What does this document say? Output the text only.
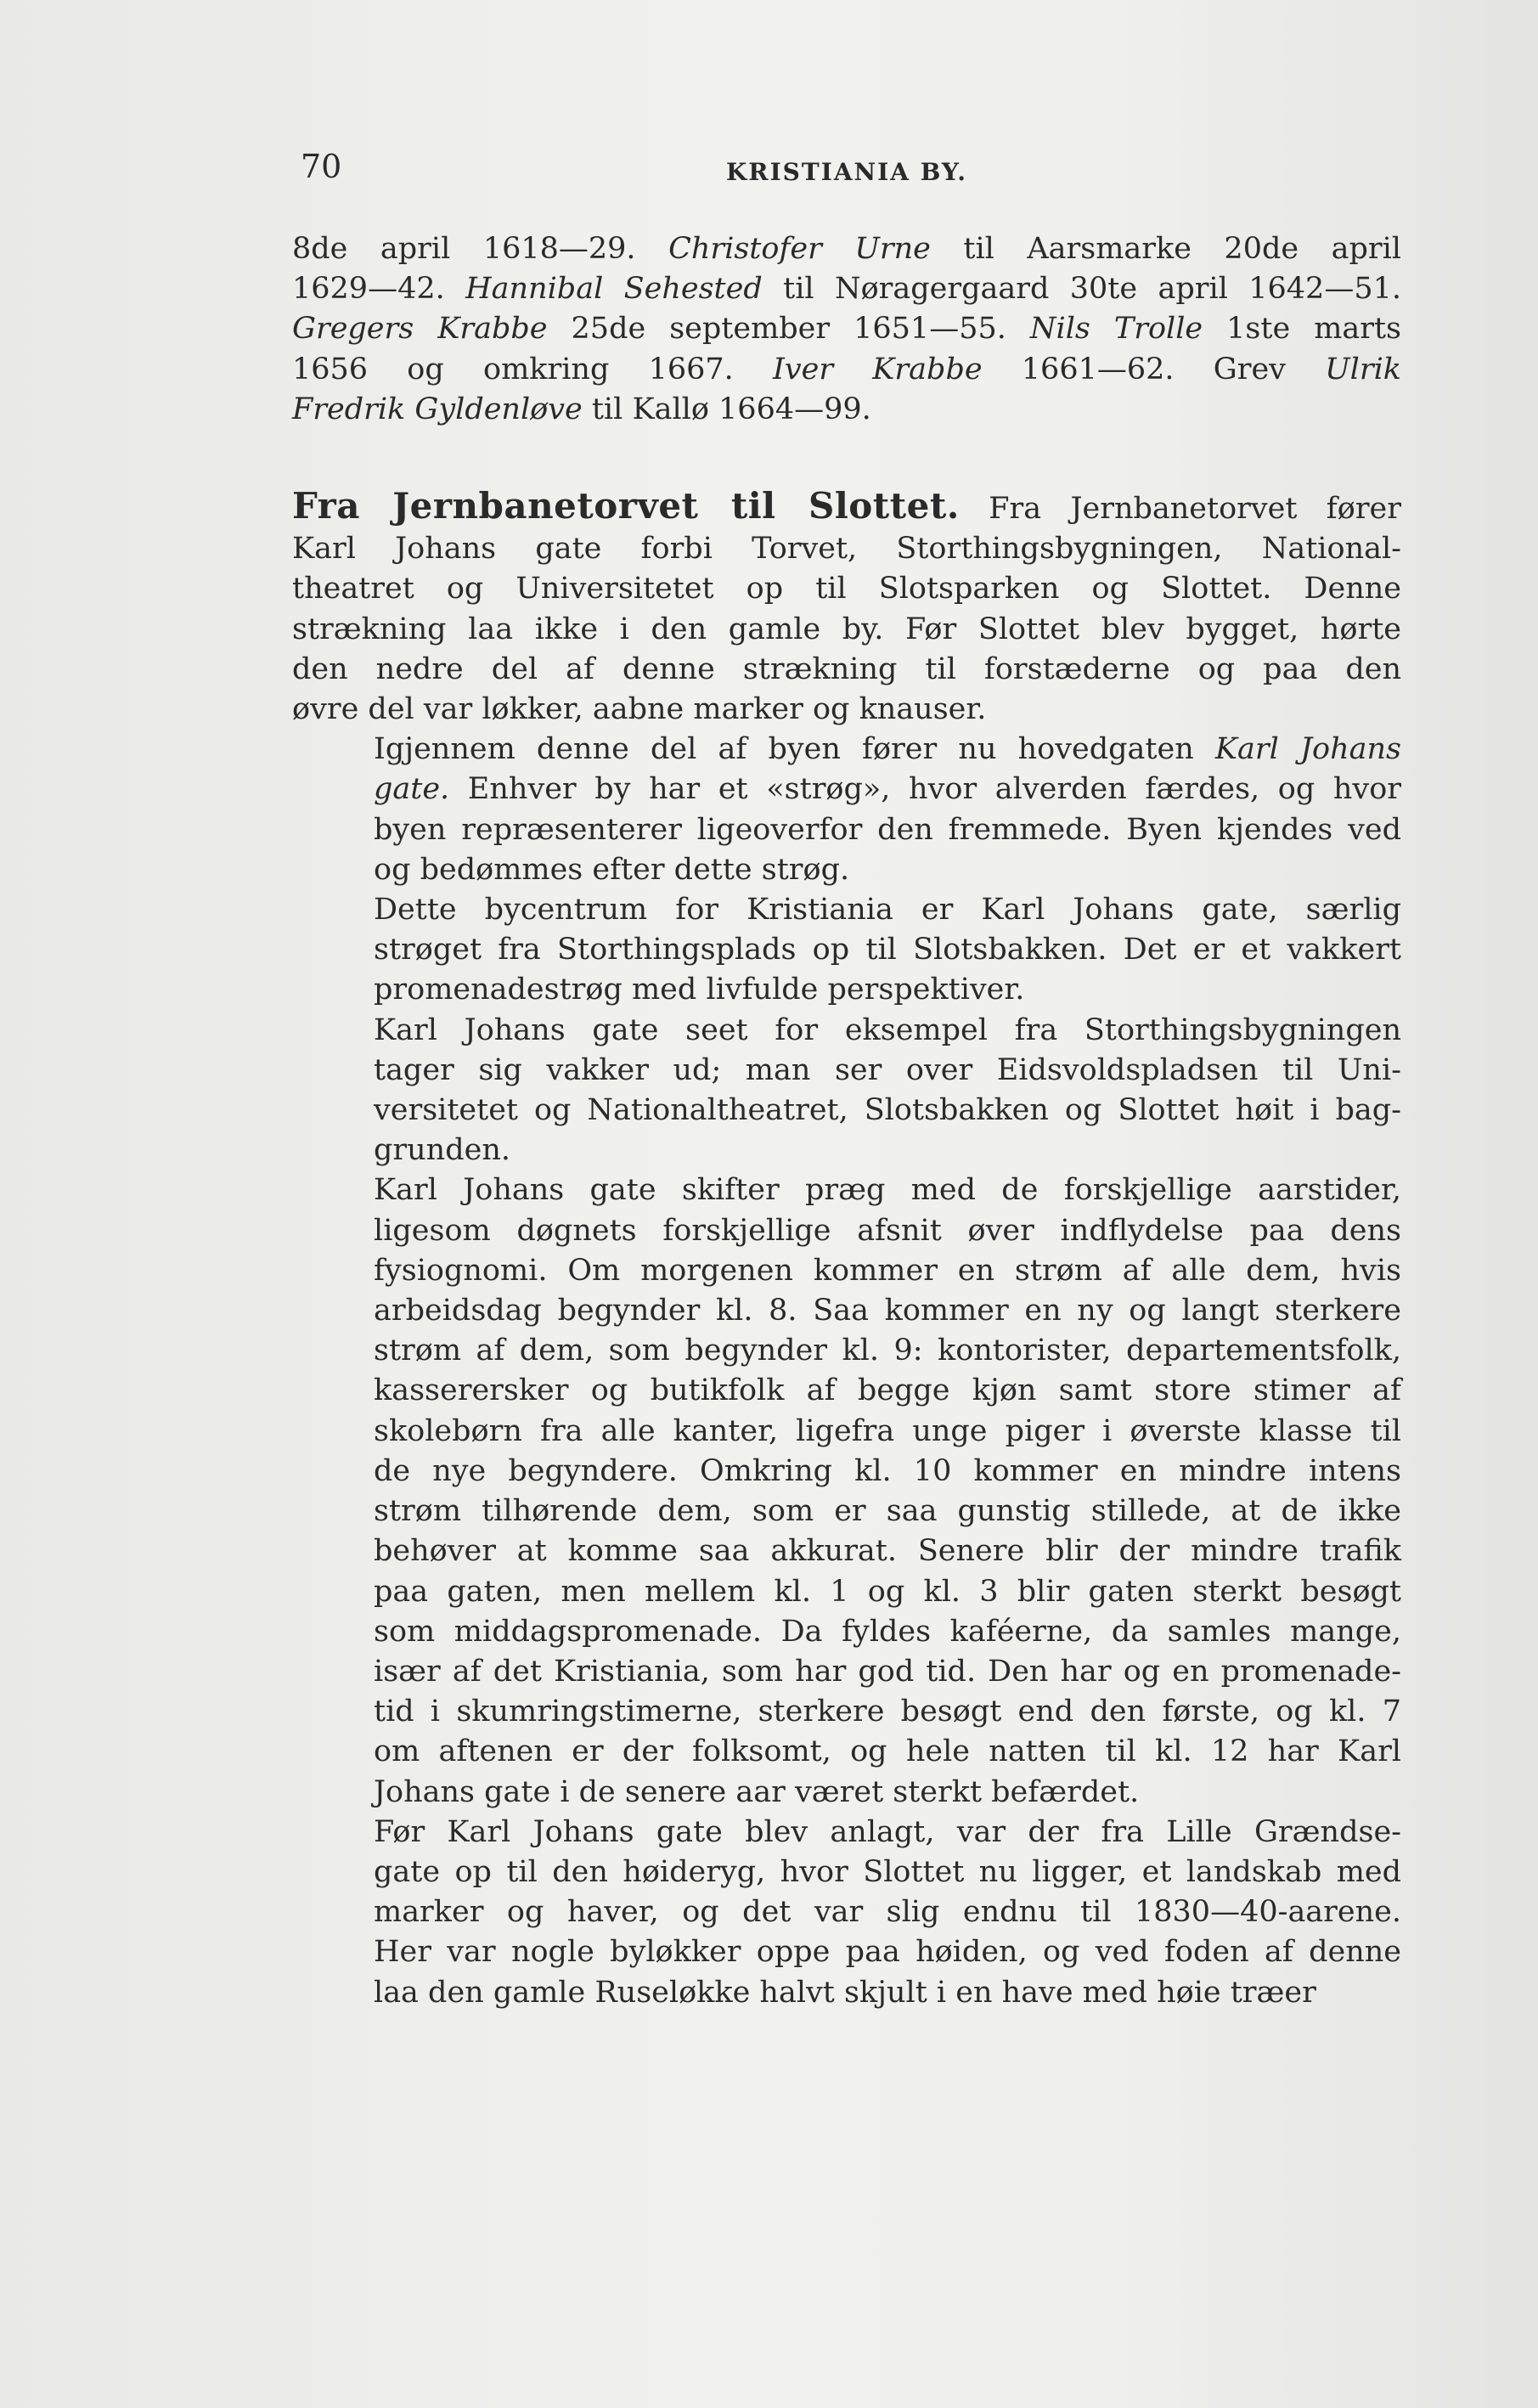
70	KRISTIANIA BY.
8de april 1618—29. Christofer Urne til Aarsmarke 20de april
1629—42. Hannibal Sehested til Nøragergaard 30te april 1642—51.
Gregers Krabbe 25de september 1651—55. Nils Trolle 1ste marts
1656 og omkring 1667. Iver Krabbe 1661—62. Grev Ulrik
Fredrik Gyldenløve til Kallø 1664—99.
Fra Jernbanetorvet til Slottet. Fra Jernbanetorvet fører
Karl Johans gate forbi Torvet, Storthingsbygningen, National-
theatret og Universitetet op til Slotsparken og Slottet. Denne
strækning laa ikke i den gamle by. Før Slottet blev bygget, hørte
den nedre del af denne strækning til forstæderne og paa den
øvre del var løkker, aabne marker og knauser.
Igjennem denne del af byen fører nu hovedgaten Karl Johans
gate. Enhver by har et «strøg», hvor alverden færdes, og hvor
byen repræsenterer ligeoverfor den fremmede. Byen kjendes ved
og bedømmes efter dette strøg.
Dette bycentrum for Kristiania er Karl Johans gate, særlig
strøget fra Storthingsplads op til Slotsbakken. Det er et vakkert
promenadestrøg med livfulde perspektiver.
Karl Johans gate seet for eksempel fra Storthingsbygningen
tager sig vakker ud; man ser over Eidsvoldspladsen til Uni-
versitetet og Nationaltheatret, Slotsbakken og Slottet høit i bag-
grunden.
Karl Johans gate skifter præg med de forskjellige aarstider,
ligesom døgnets forskjellige afsnit øver indflydelse paa dens
fysiognomi. Om morgenen kommer en strøm af alle dem, hvis
arbeidsdag begynder kl. 8. Saa kommer en ny og langt sterkere
strøm af dem, som begynder kl. 9: kontorister, departementsfolk,
kasserersker og butikfolk af begge kjøn samt store stimer af
skolebørn fra alle kanter, ligefra unge piger i øverste klasse til
de nye begyndere. Omkring kl. 10 kommer en mindre intens
strøm tilhørende dem, som er saa gunstig stillede, at de ikke
behøver at komme saa akkurat. Senere blir der mindre trafik
paa gaten, men mellem kl. 1 og kl. 3 blir gaten sterkt besøgt
som middagspromenade. Da fyldes kaféerne, da samles mange,
især af det Kristiania, som har god tid. Den har og en promenade-
tid i skumringstimerne, sterkere besøgt end den første, og kl. 7
om aftenen er der folksomt, og hele natten til kl. 12 har Karl
Johans gate i de senere aar været sterkt befærdet.
Før Karl Johans gate blev anlagt, var der fra Lille Grændse-
gate op til den høideryg, hvor Slottet nu ligger, et landskab med
marker og haver, og det var slig endnu til 1830—40-aarene.
Her var nogle byløkker oppe paa høiden, og ved foden af denne
laa den gamle Ruseløkke halvt skjult i en have med høie træer
